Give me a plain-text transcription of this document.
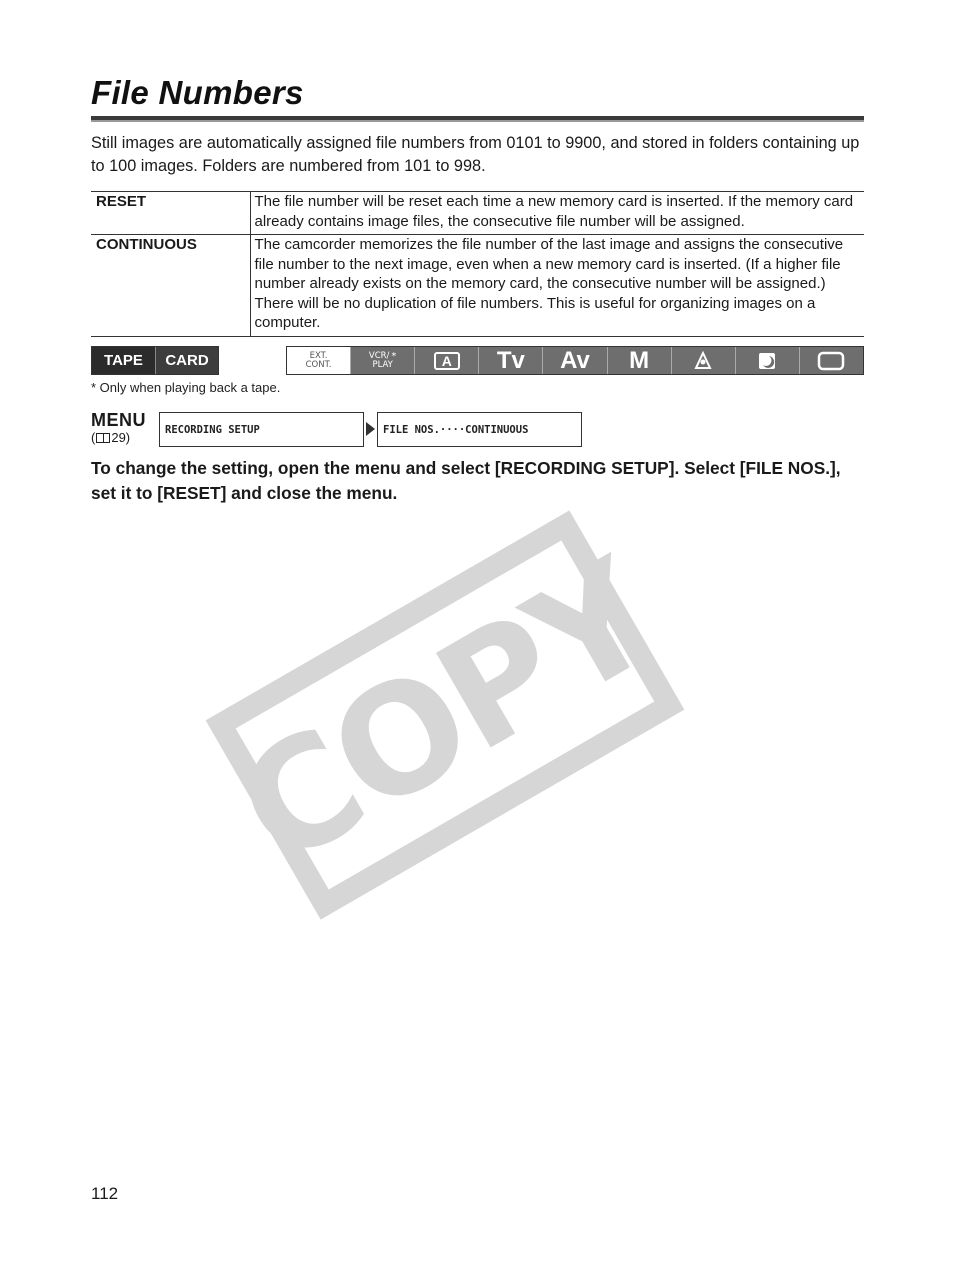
File Numbers

Still images are automatically assigned file numbers from 0101 to 9900, and stored in folders containing up to 100 images. Folders are numbered from 101 to 998.

RESET	The file number will be reset each time a new memory card is inserted. If the memory card already contains image files, the consecutive file number will be assigned.
CONTINUOUS	The camcorder memorizes the file number of the last image and assigns the consecutive file number to the next image, even when a new memory card is inserted. (If a higher file number already exists on the memory card, the consecutive number will be assigned.) There will be no duplication of file numbers. This is useful for organizing images on a computer.
TAPE	CARD	EXT.
CONT.
VCR/ *
PLAY	A	Tv Av M
* Only when playing back a tape.
MENU
( 29)
RECORDING SETUP	FILE NOS.····CONTINUOUS

To change the setting, open the menu and select [RECORDING SETUP]. Select [FILE NOS.], set it to [RESET] and close the menu.

COPY
112
